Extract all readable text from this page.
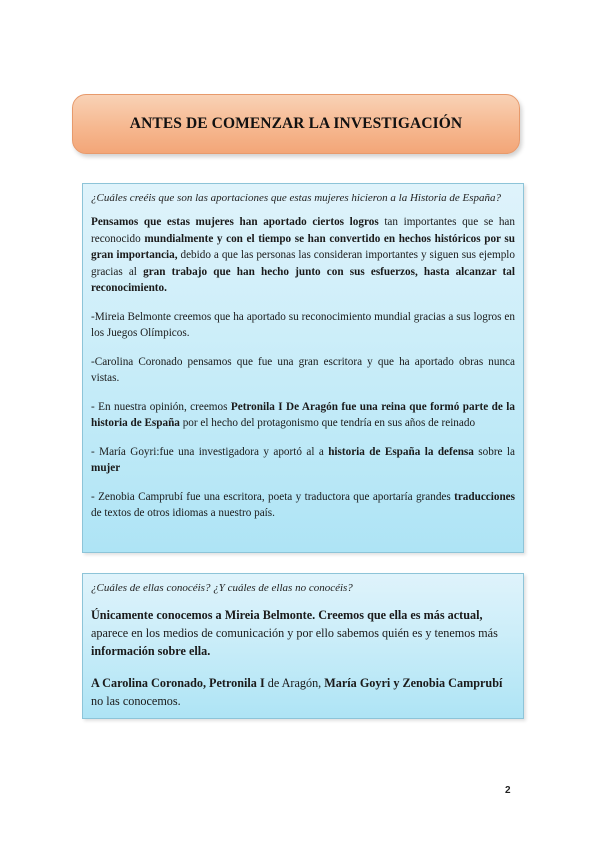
ANTES DE COMENZAR LA INVESTIGACIÓN
¿Cuáles creéis que son las aportaciones que estas mujeres hicieron a la Historia de España?

Pensamos que estas mujeres han aportado ciertos logros tan importantes que se han reconocido mundialmente y con el tiempo se han convertido en hechos históricos por su gran importancia, debido a que las personas las consideran importantes y siguen sus ejemplo gracias al gran trabajo que han hecho junto con sus esfuerzos, hasta alcanzar tal reconocimiento.

-Mireia Belmonte creemos que ha aportado su reconocimiento mundial gracias a sus logros en los Juegos Olímpicos.

-Carolina Coronado pensamos que fue una gran escritora y que ha aportado obras nunca vistas.

- En nuestra opinión, creemos Petronila I De Aragón fue una reina que formó parte de la historia de España por el hecho del protagonismo que tendría en sus años de reinado

- María Goyri:fue una investigadora y aportó al a historia de España la defensa sobre la mujer

- Zenobia Camprubí fue una escritora, poeta y traductora que aportaría grandes traducciones de textos de otros idiomas a nuestro país.

¿Cuáles de ellas conocéis? ¿Y cuáles de ellas no conocéis?

Únicamente conocemos a Mireia Belmonte. Creemos que ella es más actual, aparece en los medios de comunicación y por ello sabemos quién es y tenemos más información sobre ella.

A Carolina Coronado, Petronila I de Aragón, María Goyri y Zenobia Camprubí no las conocemos.

2
